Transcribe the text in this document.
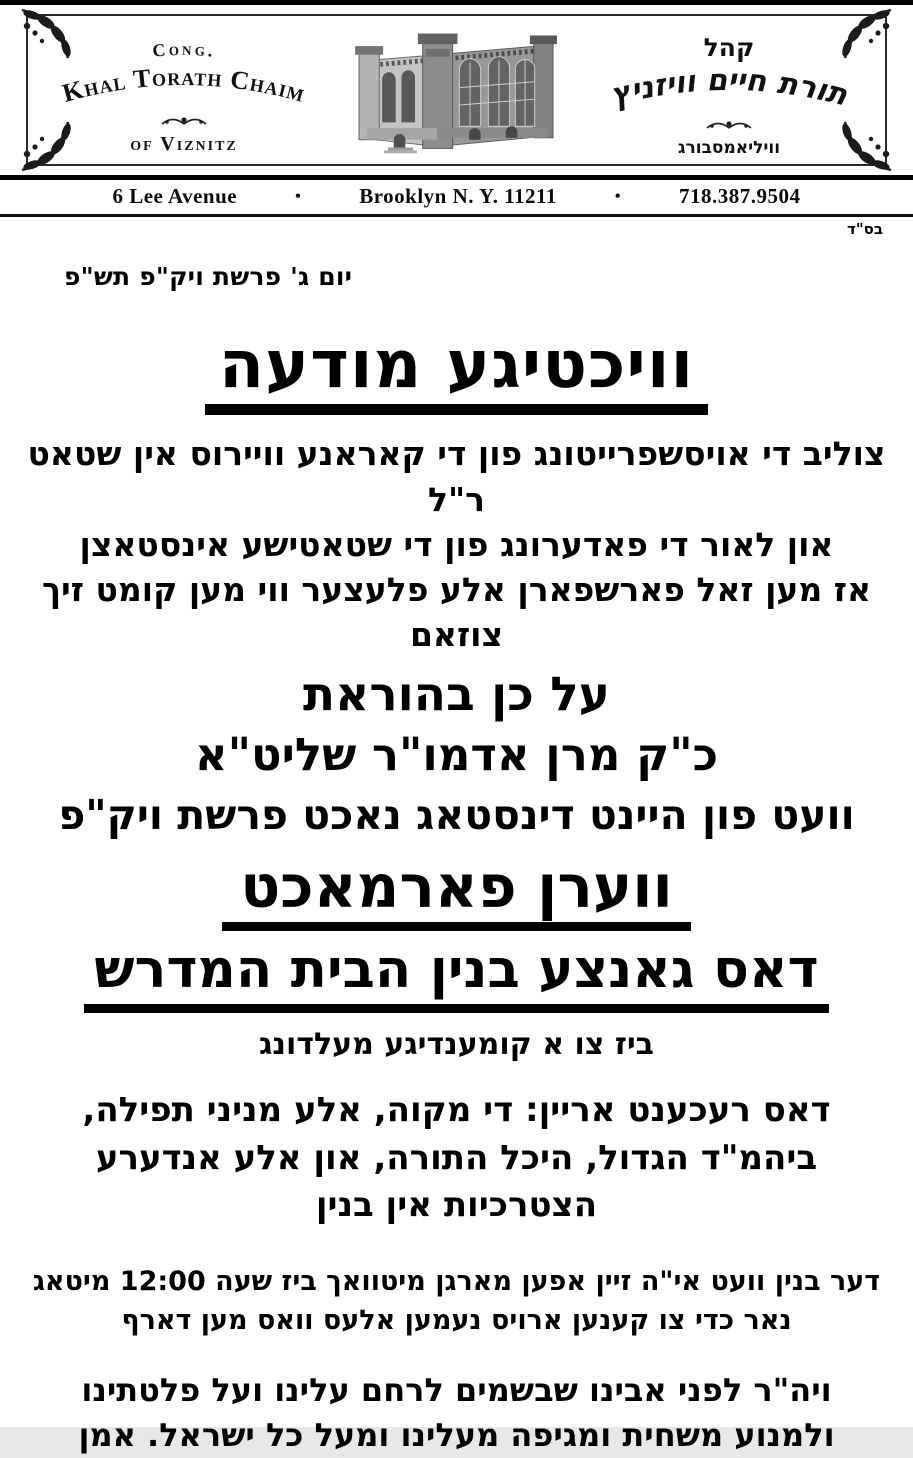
Cong.
Khal Torath Chaim
of Viznitz
קהל
תורת חיים וויזניץ
וויליאמסבורג
6 Lee Avenue	•	Brooklyn N. Y. 11211	•	718.387.9504
בס"ד
יום ג' פרשת ויק"פ תש"פ
וויכטיגע מודעה
צוליב די אויסשפרייטונג פון די קאראנע וויירוס אין שטאט ר"ל
און לאור די פאדערונג פון די שטאטישע אינסטאצן
אז מען זאל פארשפארן אלע פלעצער ווי מען קומט זיך צוזאם
על כן בהוראת
כ"ק מרן אדמו"ר שליט"א
וועט פון היינט דינסטאג נאכט פרשת ויק"פ
ווערן פארמאכט
דאס גאנצע בנין הבית המדרש
ביז צו א קומענדיגע מעלדונג
דאס רעכענט אריין: די מקוה, אלע מניני תפילה,
ביהמ"ד הגדול, היכל התורה, און אלע אנדערע
הצטרכיות אין בנין
דער בנין וועט אי"ה זיין אפען מארגן מיטוואך ביז שעה 12:00 מיטאג
נאר כדי צו קענען ארויס נעמען אלעס וואס מען דארף
ויה"ר לפני אבינו שבשמים לרחם עלינו ועל פלטתינו
ולמנוע משחית ומגיפה מעלינו ומעל כל ישראל. אמן
